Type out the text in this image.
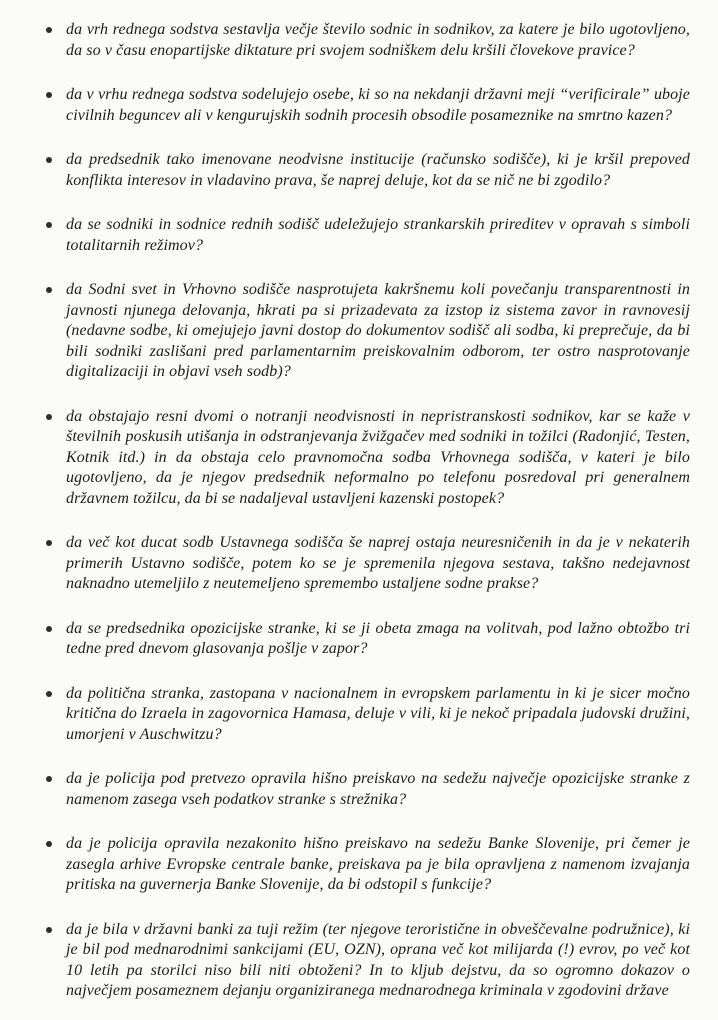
da vrh rednega sodstva sestavlja večje število sodnic in sodnikov, za katere je bilo ugotovljeno, da so v času enopartijske diktature pri svojem sodniškem delu kršili človekove pravice?

da v vrhu rednega sodstva sodelujejo osebe, ki so na nekdanji državni meji “verificirale” uboje civilnih beguncev ali v kengurujskih sodnih procesih obsodile posameznike na smrtno kazen?

da predsednik tako imenovane neodvisne institucije (računsko sodišče), ki je kršil prepoved konflikta interesov in vladavino prava, še naprej deluje, kot da se nič ne bi zgodilo?

da se sodniki in sodnice rednih sodišč udeležujejo strankarskih prireditev v opravah s simboli totalitarnih režimov?

da Sodni svet in Vrhovno sodišče nasprotujeta kakršnemu koli povečanju transparentnosti in javnosti njunega delovanja, hkrati pa si prizadevata za izstop iz sistema zavor in ravnovesij (nedavne sodbe, ki omejujejo javni dostop do dokumentov sodišč ali sodba, ki preprečuje, da bi bili sodniki zaslišani pred parlamentarnim preiskovalnim odborom, ter ostro nasprotovanje digitalizaciji in objavi vseh sodb)?

da obstajajo resni dvomi o notranji neodvisnosti in nepristranskosti sodnikov, kar se kaže v številnih poskusih utišanja in odstranjevanja žvižgačev med sodniki in tožilci (Radonjić, Testen, Kotnik itd.) in da obstaja celo pravnomočna sodba Vrhovnega sodišča, v kateri je bilo ugotovljeno, da je njegov predsednik neformalno po telefonu posredoval pri generalnem državnem tožilcu, da bi se nadaljeval ustavljeni kazenski postopek?

da več kot ducat sodb Ustavnega sodišča še naprej ostaja neuresničenih in da je v nekaterih primerih Ustavno sodišče, potem ko se je spremenila njegova sestava, takšno nedejavnost naknadno utemeljilo z neutemeljeno spremembo ustaljene sodne prakse?

da se predsednika opozicijske stranke, ki se ji obeta zmaga na volitvah, pod lažno obtožbo tri tedne pred dnevom glasovanja pošlje v zapor?

da politična stranka, zastopana v nacionalnem in evropskem parlamentu in ki je sicer močno kritična do Izraela in zagovornica Hamasa, deluje v vili, ki je nekoč pripadala judovski družini, umorjeni v Auschwitzu?

da je policija pod pretvezo opravila hišno preiskavo na sedežu največje opozicijske stranke z namenom zasega vseh podatkov stranke s strežnika?

da je policija opravila nezakonito hišno preiskavo na sedežu Banke Slovenije, pri čemer je zasegla arhive Evropske centrale banke, preiskava pa je bila opravljena z namenom izvajanja pritiska na guvernerja Banke Slovenije, da bi odstopil s funkcije?

da je bila v državni banki za tuji režim (ter njegove teroristične in obveščevalne podružnice), ki je bil pod mednarodnimi sankcijami (EU, OZN), oprana več kot milijarda (!) evrov, po več kot 10 letih pa storilci niso bili niti obtoženi? In to kljub dejstvu, da so ogromno dokazov o največjem posameznem dejanju organiziranega mednarodnega kriminala v zgodovini države
